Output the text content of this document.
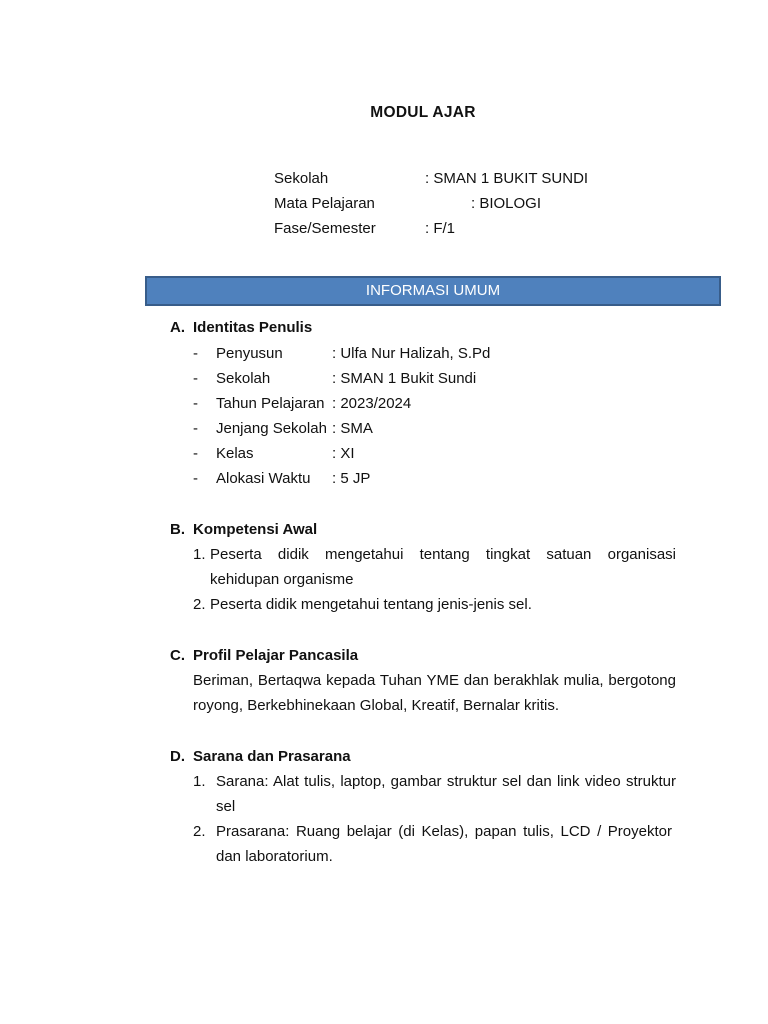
MODUL AJAR
Sekolah	: SMAN 1 BUKIT SUNDI
Mata Pelajaran	: BIOLOGI
Fase/Semester	: F/1
INFORMASI UMUM
A. Identitas Penulis
- Penyusun	: Ulfa Nur Halizah, S.Pd
- Sekolah	: SMAN 1 Bukit Sundi
- Tahun Pelajaran : 2023/2024
- Jenjang Sekolah : SMA
- Kelas	: XI
- Alokasi Waktu : 5 JP
B. Kompetensi Awal
1. Peserta didik mengetahui tentang tingkat satuan organisasi kehidupan organisme
2. Peserta didik mengetahui tentang jenis-jenis sel.
C. Profil Pelajar Pancasila
Beriman, Bertaqwa kepada Tuhan YME dan berakhlak mulia, bergotong royong, Berkebhinekaan Global, Kreatif, Bernalar kritis.
D. Sarana dan Prasarana
1. Sarana: Alat tulis, laptop, gambar struktur sel dan link video struktur sel
2. Prasarana: Ruang belajar (di Kelas), papan tulis, LCD / Proyektor dan laboratorium.
